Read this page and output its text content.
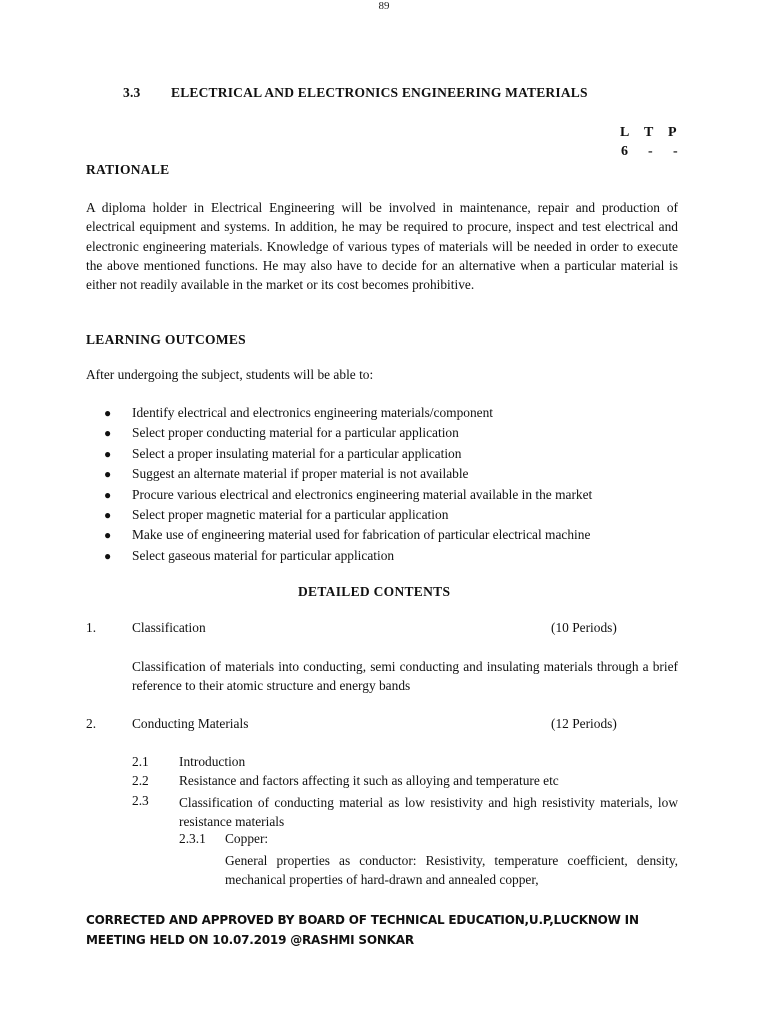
89
3.3 ELECTRICAL AND ELECTRONICS ENGINEERING MATERIALS
L T P
6 - -
RATIONALE
A diploma holder in Electrical Engineering will be involved in maintenance, repair and production of electrical equipment and systems. In addition, he may be required to procure, inspect and test electrical and electronic engineering materials. Knowledge of various types of materials will be needed in order to execute the above mentioned functions. He may also have to decide for an alternative when a particular material is either not readily available in the market or its cost becomes prohibitive.
LEARNING OUTCOMES
After undergoing the subject, students will be able to:
● Identify electrical and electronics engineering materials/component
● Select proper conducting material for a particular application
● Select a proper insulating material for a particular application
● Suggest an alternate material if proper material is not available
● Procure various electrical and electronics engineering material available in the market
● Select proper magnetic material for a particular application
● Make use of engineering material used for fabrication of particular electrical machine
● Select gaseous material for particular application
DETAILED CONTENTS
1.	Classification	(10 Periods)
Classification of materials into conducting, semi conducting and insulating materials through a brief reference to their atomic structure and energy bands
2.	Conducting Materials	(12 Periods)
2.1 Introduction
2.2 Resistance and factors affecting it such as alloying and temperature etc
2.3 Classification of conducting material as low resistivity and high resistivity materials, low resistance materials
2.3.1 Copper:
General properties as conductor: Resistivity, temperature coefficient, density, mechanical properties of hard-drawn and annealed copper,
CORRECTED AND APPROVED BY BOARD OF TECHNICAL EDUCATION,U.P,LUCKNOW IN
MEETING HELD ON 10.07.2019 @RASHMI SONKAR
